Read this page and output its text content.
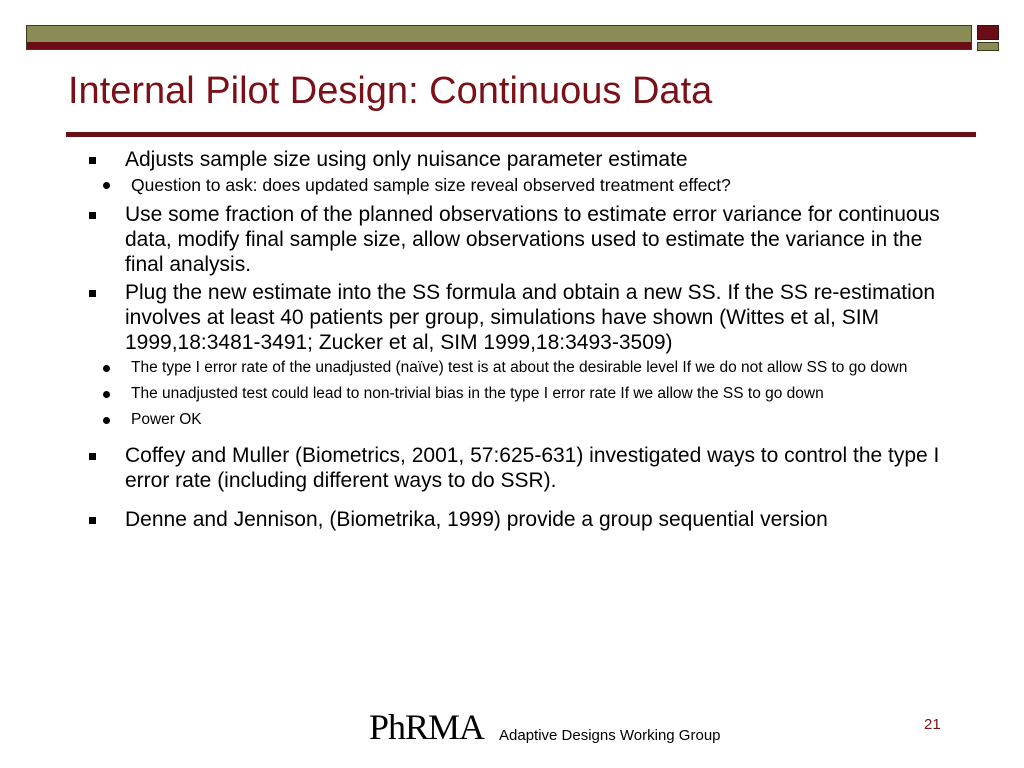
Internal Pilot Design: Continuous Data
Adjusts sample size using only nuisance parameter estimate
Question to ask: does updated sample size reveal observed treatment effect?
Use some fraction of the planned observations to estimate error variance for continuous data, modify final sample size, allow observations used to estimate the variance in the final analysis.
Plug the new estimate into the SS formula and obtain a new SS. If the SS re-estimation involves at least 40 patients per group, simulations have shown (Wittes et al, SIM 1999,18:3481-3491; Zucker et al, SIM 1999,18:3493-3509)
The type I error rate of the unadjusted (naïve) test is at about the desirable level If we do not allow SS to go down
The unadjusted test could lead to non-trivial bias in the type I error rate If we allow the SS to go down
Power OK
Coffey and Muller (Biometrics, 2001, 57:625-631) investigated ways to control the type I error rate (including different ways to do SSR).
Denne and Jennison, (Biometrika, 1999) provide a group sequential version
PhRMA Adaptive Designs Working Group
21
